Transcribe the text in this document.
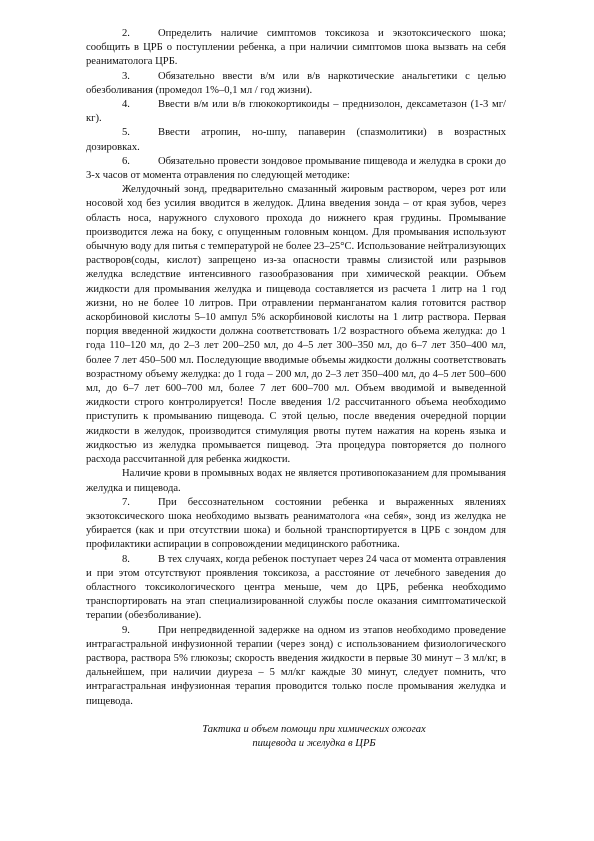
2.	Определить наличие симптомов токсикоза и экзотоксического шока; сообщить в ЦРБ о поступлении ребенка, а при наличии симптомов шока вызвать на себя реаниматолога ЦРБ.

3.	Обязательно ввести в/м или в/в наркотические анальгетики с целью обезболивания (промедол 1%–0,1 мл / год жизни).

4.	Ввести в/м или в/в глюкокортикоиды – преднизолон, дексаметазон (1-3 мг/кг).

5.	Ввести атропин, но-шпу, папаверин (спазмолитики) в возрастных дозировках.

6.	Обязательно провести зондовое промывание пищевода и желудка в сроки до 3-х часов от момента отравления по следующей методике:

Желудочный зонд, предварительно смазанный жировым раствором, через рот или носовой ход без усилия вводится в желудок. Длина введения зонда – от края зубов, через область носа, наружного слухового прохода до нижнего края грудины. Промывание производится лежа на боку, с опущенным головным концом. Для промывания используют обычную воду для питья с температурой не более 23–25°С. Использование нейтрализующих растворов(соды, кислот) запрещено из-за опасности травмы слизистой или разрывов желудка вследствие интенсивного газообразования при химической реакции. Объем жидкости для промывания желудка и пищевода составляется из расчета 1 литр на 1 год жизни, но не более 10 литров. При отравлении перманганатом калия готовится раствор аскорбиновой кислоты 5–10 ампул 5% аскорбиновой кислоты на 1 литр раствора. Первая порция введенной жидкости должна соответствовать 1/2 возрастного объема желудка: до 1 года 110–120 мл, до 2–3 лет 200–250 мл, до 4–5 лет 300–350 мл, до 6–7 лет 350–400 мл, более 7 лет 450–500 мл. Последующие вводимые объемы жидкости должны соответствовать возрастному объему желудка: до 1 года – 200 мл, до 2–3 лет 350–400 мл, до 4–5 лет 500–600 мл, до 6–7 лет 600–700 мл, более 7 лет 600–700 мл. Объем вводимой и выведенной жидкости строго контролируется! После введения 1/2 рассчитанного объема необходимо приступить к промыванию пищевода. С этой целью, после введения очередной порции жидкости в желудок, производится стимуляция рвоты путем нажатия на корень языка и жидкостью из желудка промывается пищевод. Эта процедура повторяется до полного расхода рассчитанной для ребенка жидкости.

Наличие крови в промывных водах не является противопоказанием для промывания желудка и пищевода.

7.	При бессознательном состоянии ребенка и выраженных явлениях экзотоксического шока необходимо вызвать реаниматолога «на себя», зонд из желудка не убирается (как и при отсутствии шока) и больной транспортируется в ЦРБ с зондом для профилактики аспирации в сопровождении медицинского работника.

8.	В тех случаях, когда ребенок поступает через 24 часа от момента отравления и при этом отсутствуют проявления токсикоза, а расстояние от лечебного заведения до областного токсикологического центра меньше, чем до ЦРБ, ребенка необходимо транспортировать на этап специализированной службы после оказания симптоматической терапии (обезболивание).

9.	При непредвиденной задержке на одном из этапов необходимо проведение интрагастральной инфузионной терапии (через зонд) с использованием физиологического раствора, раствора 5% глюкозы; скорость введения жидкости в первые 30 минут – 3 мл/кг, в дальнейшем, при наличии диуреза – 5 мл/кг каждые 30 минут, следует помнить, что интрагастральная инфузионная терапия проводится только после промывания желудка и пищевода.

Тактика и объем помощи при химических ожогах
пищевода и желудка в ЦРБ
